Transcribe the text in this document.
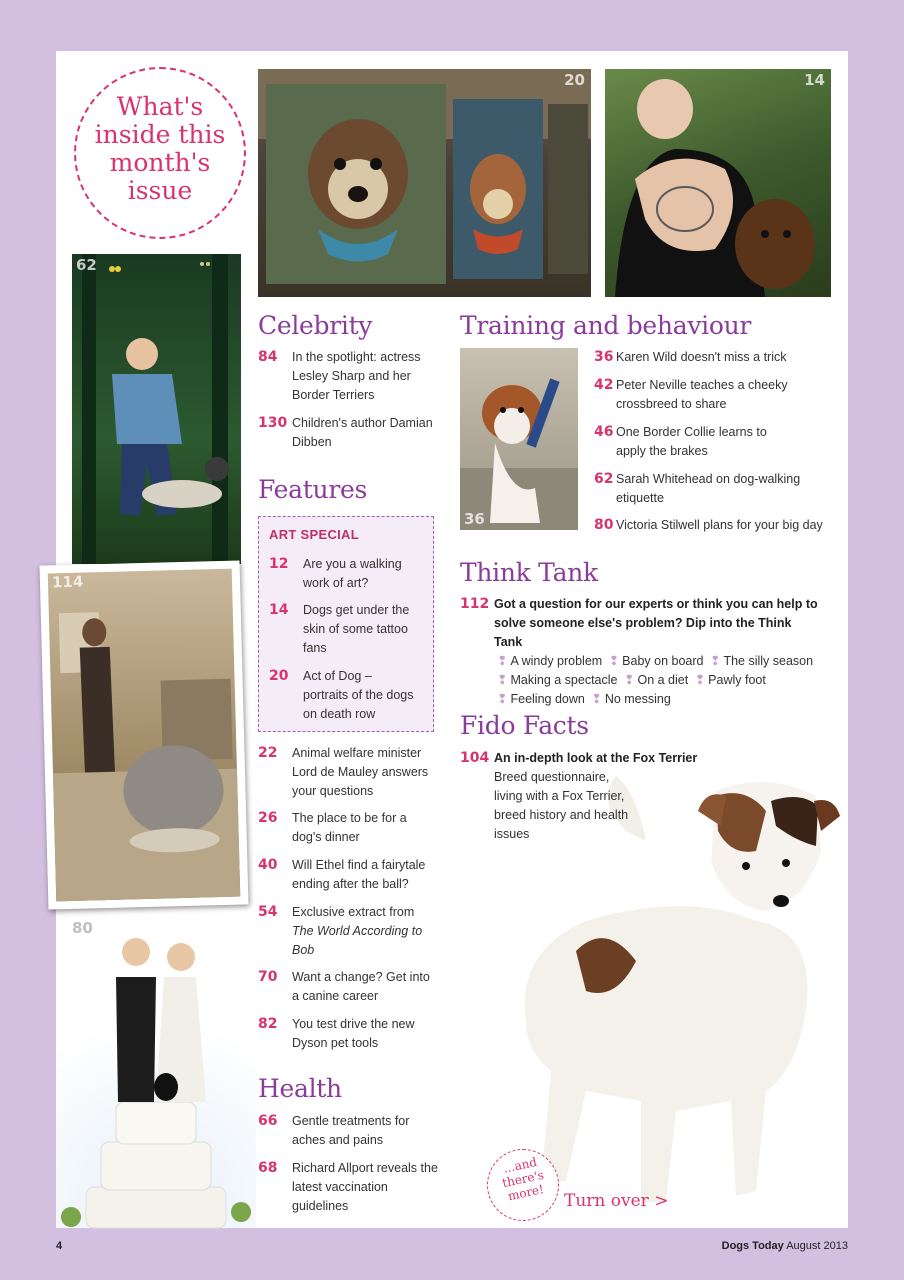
What's inside this month's issue
20	14
62
114
80
Celebrity
84	In the spotlight: actress Lesley Sharp and her Border Terriers
130 Children's author Damian Dibben
Features
ART SPECIAL
12	Are you a walking work of art?
14	Dogs get under the skin of some tattoo fans
20	Act of Dog – portraits of the dogs on death row
22	Animal welfare minister Lord de Mauley answers your questions
26	The place to be for a dog's dinner
40	Will Ethel find a fairytale ending after the ball?
54	Exclusive extract from
The World According to Bob
70	Want a change? Get into a canine career
82	You test drive the new Dyson pet tools
Health
66	Gentle treatments for aches and pains
68	Richard Allport reveals the latest vaccination guidelines
Training and behaviour
36
36 Karen Wild doesn't miss a trick
42 Peter Neville teaches a cheeky crossbreed to share
46 One Border Collie learns to apply the brakes
62 Sarah Whitehead on dog-walking etiquette
80 Victoria Stilwell plans for your big day
Think Tank
112 Got a question for our experts or think you can help to solve someone else's problem? Dip into the Think Tank
❢ A windy problem ❢ Baby on board ❢ The silly season
❢ Making a spectacle ❢ On a diet ❢ Pawly foot
❢ Feeling down ❢ No messing
Fido Facts
104 An in-depth look at the Fox Terrier
Breed questionnaire, living with a Fox Terrier, breed history and health issues
...and there's more!	Turn over >
4	Dogs Today August 2013
